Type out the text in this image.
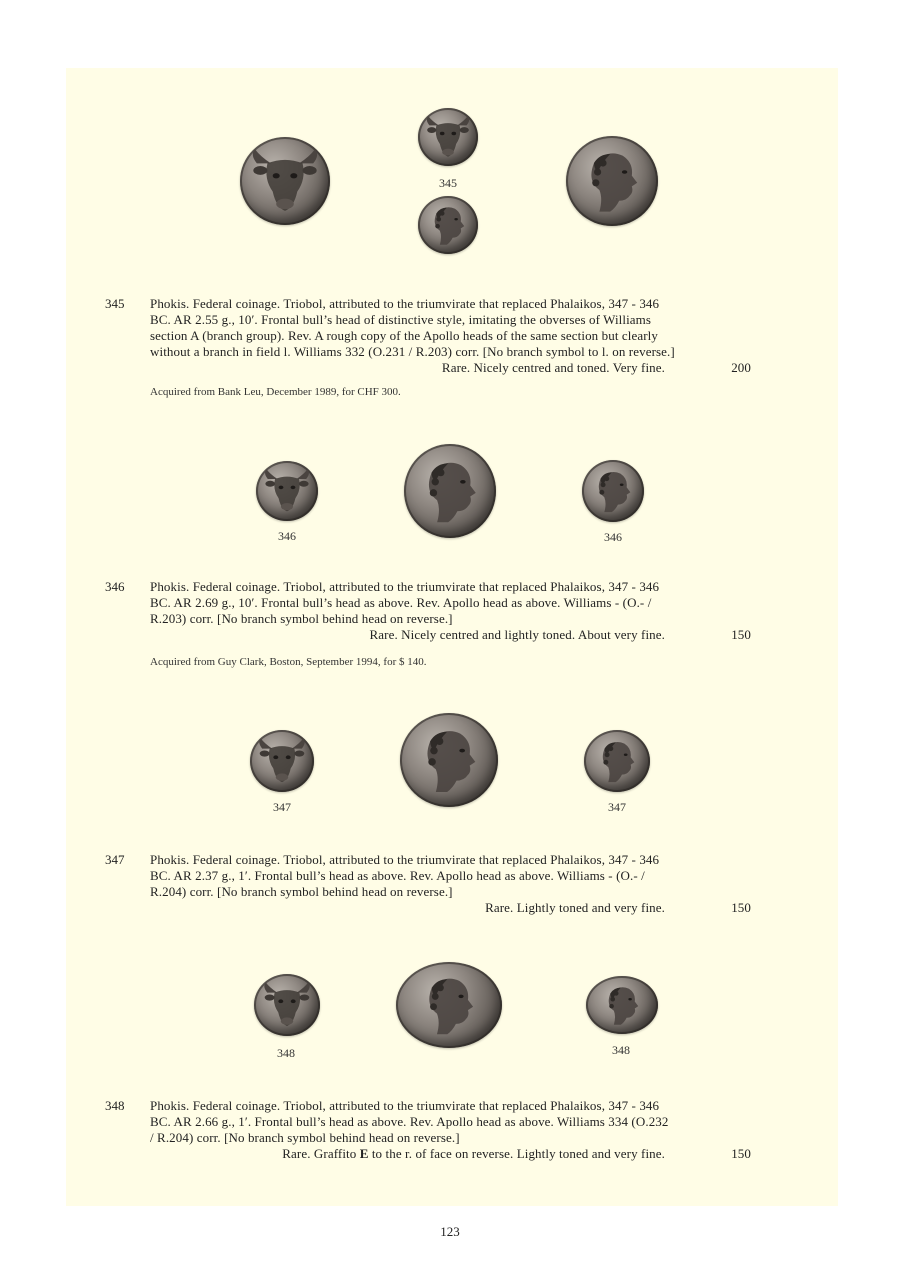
345
345 Phokis. Federal coinage. Triobol, attributed to the triumvirate that replaced Phalaikos, 347 - 346
BC. AR 2.55 g., 10′. Frontal bull’s head of distinctive style, imitating the obverses of Williams
section A (branch group). Rev. A rough copy of the Apollo heads of the same section but clearly
without a branch in field l. Williams 332 (O.231 / R.203) corr. [No branch symbol to l. on reverse.]
Rare. Nicely centred and toned. Very fine.	200
Acquired from Bank Leu, December 1989, for CHF 300.
346	346
346 Phokis. Federal coinage. Triobol, attributed to the triumvirate that replaced Phalaikos, 347 - 346
BC. AR 2.69 g., 10′. Frontal bull’s head as above. Rev. Apollo head as above. Williams - (O.- /
R.203) corr. [No branch symbol behind head on reverse.]
Rare. Nicely centred and lightly toned. About very fine.	150
Acquired from Guy Clark, Boston, September 1994, for $ 140.
347	347
347 Phokis. Federal coinage. Triobol, attributed to the triumvirate that replaced Phalaikos, 347 - 346
BC. AR 2.37 g., 1′. Frontal bull’s head as above. Rev. Apollo head as above. Williams - (O.- /
R.204) corr. [No branch symbol behind head on reverse.]
Rare. Lightly toned and very fine.	150
348	348
348 Phokis. Federal coinage. Triobol, attributed to the triumvirate that replaced Phalaikos, 347 - 346
BC. AR 2.66 g., 1′. Frontal bull’s head as above. Rev. Apollo head as above. Williams 334 (O.232
/ R.204) corr. [No branch symbol behind head on reverse.]
Rare. Graffito E to the r. of face on reverse. Lightly toned and very fine.	150
123
